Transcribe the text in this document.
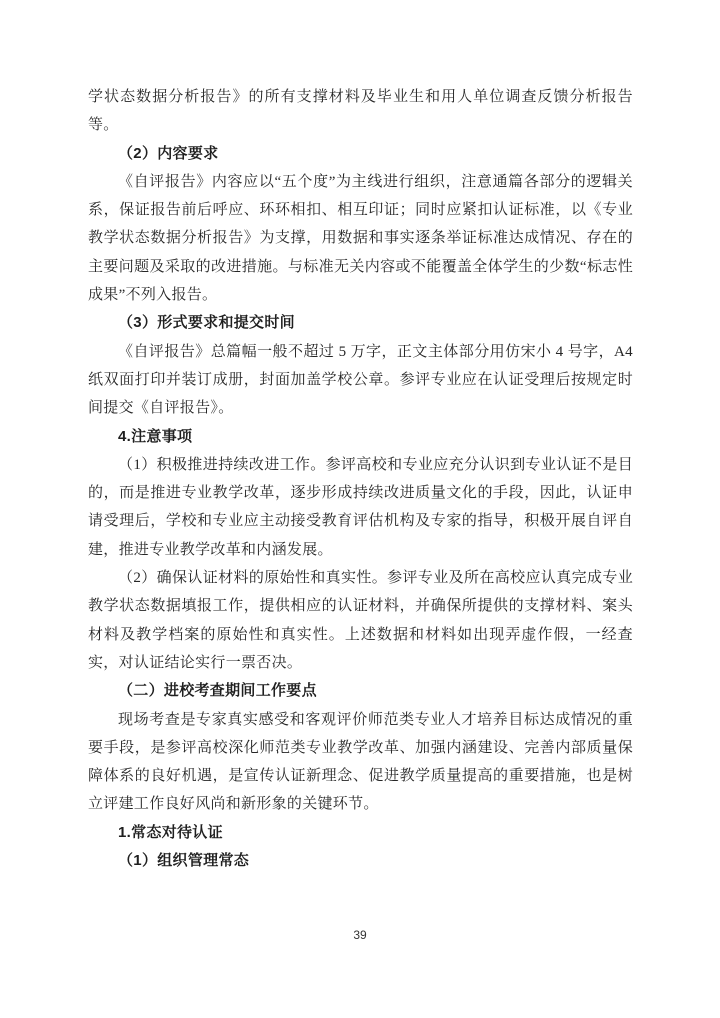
学状态数据分析报告》的所有支撑材料及毕业生和用人单位调查反馈分析报告等。

（2）内容要求

《自评报告》内容应以“五个度”为主线进行组织，注意通篇各部分的逻辑关系，保证报告前后呼应、环环相扣、相互印证；同时应紧扣认证标准，以《专业教学状态数据分析报告》为支撑，用数据和事实逐条举证标准达成情况、存在的主要问题及采取的改进措施。与标准无关内容或不能覆盖全体学生的少数“标志性成果”不列入报告。

（3）形式要求和提交时间

《自评报告》总篇幅一般不超过 5 万字，正文主体部分用仿宋小 4 号字，A4纸双面打印并装订成册，封面加盖学校公章。参评专业应在认证受理后按规定时间提交《自评报告》。

4.注意事项

（1）积极推进持续改进工作。参评高校和专业应充分认识到专业认证不是目的，而是推进专业教学改革，逐步形成持续改进质量文化的手段，因此，认证申请受理后，学校和专业应主动接受教育评估机构及专家的指导，积极开展自评自建，推进专业教学改革和内涵发展。

（2）确保认证材料的原始性和真实性。参评专业及所在高校应认真完成专业教学状态数据填报工作，提供相应的认证材料，并确保所提供的支撑材料、案头材料及教学档案的原始性和真实性。上述数据和材料如出现弄虚作假，一经查实，对认证结论实行一票否决。

（二）进校考查期间工作要点

现场考查是专家真实感受和客观评价师范类专业人才培养目标达成情况的重要手段，是参评高校深化师范类专业教学改革、加强内涵建设、完善内部质量保障体系的良好机遇，是宣传认证新理念、促进教学质量提高的重要措施，也是树立评建工作良好风尚和新形象的关键环节。

1.常态对待认证

（1）组织管理常态

39
